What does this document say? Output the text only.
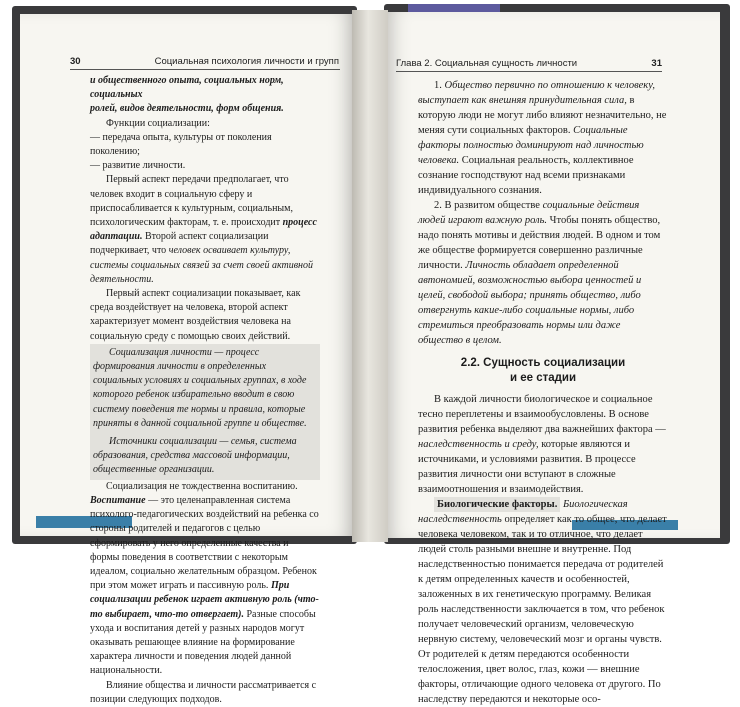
30	Социальная психология личности и групп

и общественного опыта, социальных норм, социальных

ролей, видов деятельности, форм общения.

Функции социализации:

— передача опыта, культуры от поколения поколению;

— развитие личности.

Первый аспект передачи предполагает, что человек входит в социальную сферу и приспосабливается к культурным, социальным, психологическим факторам, т. е. происходит процесс адаптации. Второй аспект социализации подчеркивает, что человек осваивает культуру, системы социальных связей за счет своей активной деятельности.

Первый аспект социализации показывает, как среда воздействует на человека, второй аспект характеризует момент воздействия человека на социальную среду с помощью своих действий.

Социализация личности — процесс формирования личности в определенных социальных условиях и социальных группах, в ходе которого ребенок избирательно вводит в свою систему поведения те нормы и правила, которые приняты в данной социальной группе и обществе.

Источники социализации — семья, система образования, средства массовой информации, общественные организации.

Социализация не тождественна воспитанию. Воспитание — это целенаправленная система психолого-педагогических воздействий на ребенка со стороны родителей и педагогов с целью сформировать у него определенные качества и формы поведения в соответствии с некоторым идеалом, социально желательным образцом. Ребенок при этом может играть и пассивную роль. При социализации ребенок играет активную роль (что-то выбирает, что-то отвергает). Разные способы ухода и воспитания детей у разных народов могут оказывать решающее влияние на формирование характера личности и поведения людей данной национальности.

Влияние общества и личности рассматривается с позиции следующих подходов.

31
Глава 2. Социальная сущность личности

1. Общество первично по отношению к человеку, выступает как внешняя принудительная сила, в которую люди не могут либо влияют незначительно, не меняя сути социальных факторов. Социальные факторы полностью доминируют над личностью человека. Социальная реальность, коллективное сознание господствуют над всеми признаками индивидуального сознания.

2. В развитом обществе социальные действия людей играют важную роль. Чтобы понять общество, надо понять мотивы и действия людей. В одном и том же обществе формируется совершенно различные личности. Личность обладает определенной автономией, возможностью выбора ценностей и целей, свободой выбора; принять общество, либо отвергнуть какие-либо социальные нормы, либо стремиться преобразовать нормы или даже общество в целом.

2.2. Сущность социализации
и ее стадии

В каждой личности биологическое и социальное тесно переплетены и взаимообусловлены. В основе развития ребенка выделяют два важнейших фактора — наследственность и среду, которые являются и источниками, и условиями развития. В процессе развития личности они вступают в сложные взаимоотношения и взаимодействия.

Биологические факторы. Биологическая наследственность определяет как то общее, что делает человека человеком, так и то отличное, что делает людей столь разными внешне и внутренне. Под наследственностью понимается передача от родителей к детям определенных качеств и особенностей, заложенных в их генетическую программу. Великая роль наследственности заключается в том, что ребенок получает человеческий организм, человеческую нервную систему, человеческий мозг и органы чувств. От родителей к детям передаются особенности телосложения, цвет волос, глаз, кожи — внешние факторы, отличающие одного человека от другого. По наследству передаются и некоторые осо-
